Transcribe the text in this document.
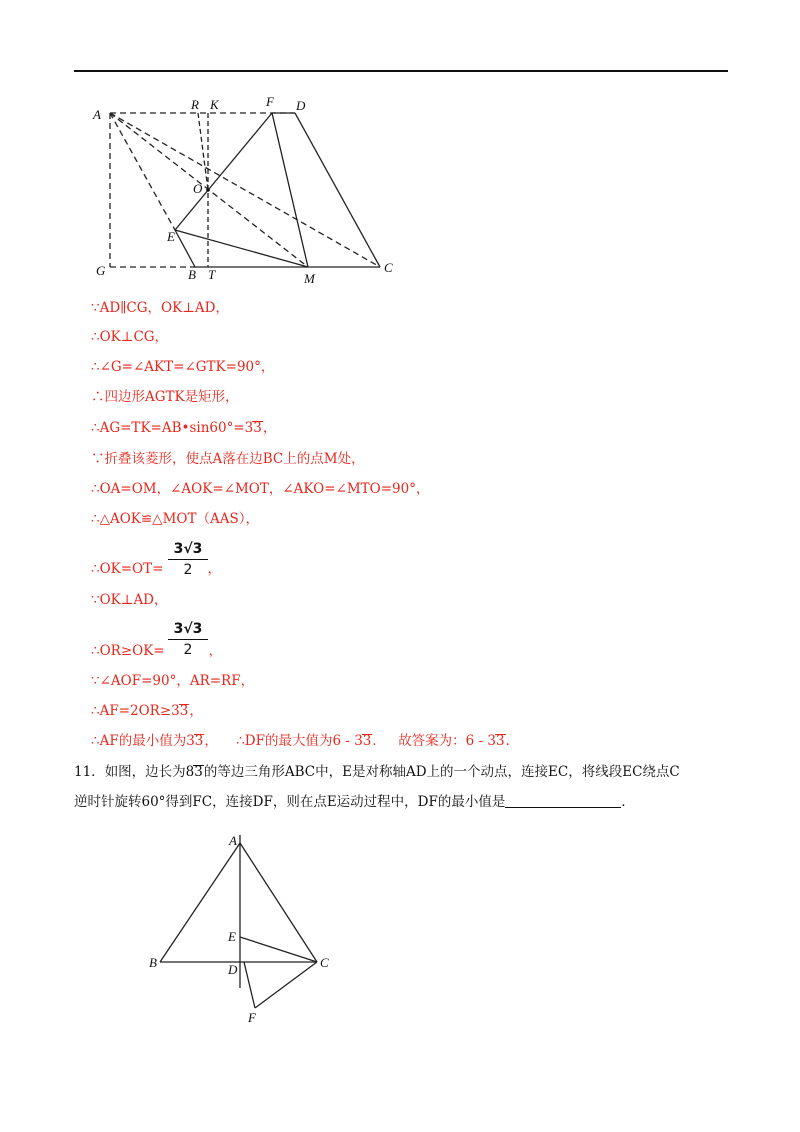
A
R K	F D
O
E
G	B T	M
C
∵AD∥CG，OK⊥AD，
∴OK⊥CG，
∴∠G=∠AKT=∠GTK=90°，
∴四边形AGTK是矩形，
∴AG=TK=AB•sin60°=33，
∵折叠该菱形，使点A落在边BC上的点M处，
∴OA=OM，∠AOK=∠MOT，∠AKO=∠MTO=90°，
∴△AOK≌△MOT（AAS），
3√3
2
∴OK=OT=	，
∵OK⊥AD，
3√3
2
∴OR≥OK=	，
∵∠AOF=90°，AR=RF，
∴AF=2OR≥33，
∴AF的最小值为33， ∴DF的最大值为6 - 33． 故答案为：6 - 33．
11．如图，边长为83的等边三角形ABC中，E是对称轴AD上的一个动点，连接EC，将线段EC绕点C
逆时针旋转60°得到FC，连接DF，则在点E运动过程中，DF的最小值是	．
A
E
B	D	C
F
